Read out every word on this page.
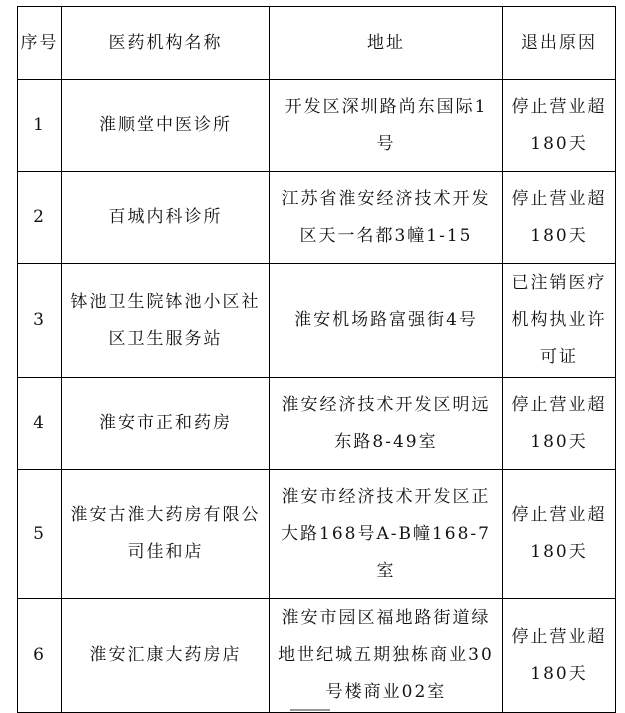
序号	医药机构名称	地址	退出原因
1	淮顺堂中医诊所	开发区深圳路尚东国际1号	停止营业超180天
2	百城内科诊所	江苏省淮安经济技术开发区天一名都3幢1-15	停止营业超180天
3	钵池卫生院钵池小区社区卫生服务站	淮安机场路富强街4号	已注销医疗机构执业许可证
4	淮安市正和药房	淮安经济技术开发区明远东路8-49室	停止营业超180天
5	淮安古淮大药房有限公司佳和店	淮安市经济技术开发区正大路168号A-B幢168-7室	停止营业超180天
6	淮安汇康大药房店	淮安市园区福地路街道绿地世纪城五期独栋商业30号楼商业02室	停止营业超180天
